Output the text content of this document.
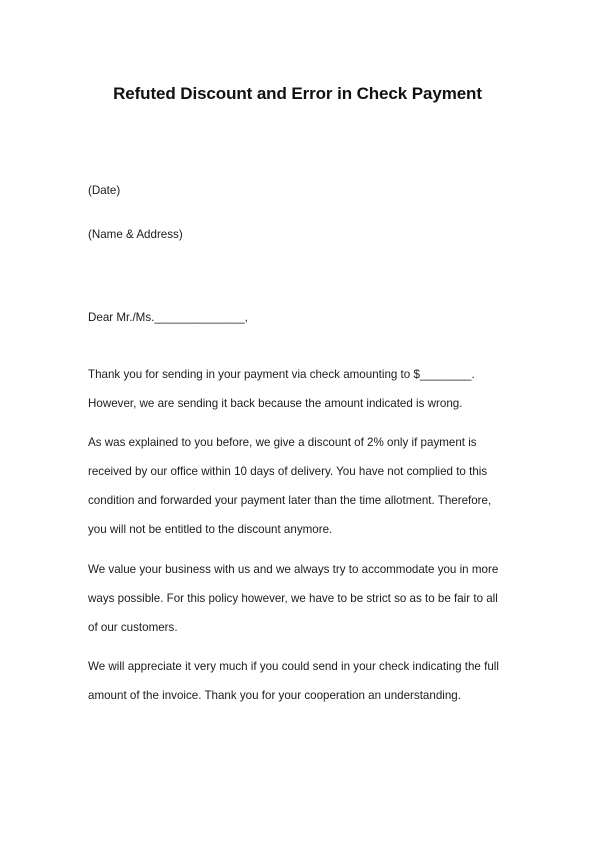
Refuted Discount and Error in Check Payment
(Date)
(Name & Address)
Dear Mr./Ms.______________,
Thank you for sending in your payment via check amounting to $________.
However, we are sending it back because the amount indicated is wrong.
As was explained to you before, we give a discount of 2% only if payment is
received by our office within 10 days of delivery. You have not complied to this
condition and forwarded your payment later than the time allotment. Therefore,
you will not be entitled to the discount anymore.
We value your business with us and we always try to accommodate you in more
ways possible. For this policy however, we have to be strict so as to be fair to all
of our customers.
We will appreciate it very much if you could send in your check indicating the full
amount of the invoice. Thank you for your cooperation an understanding.
